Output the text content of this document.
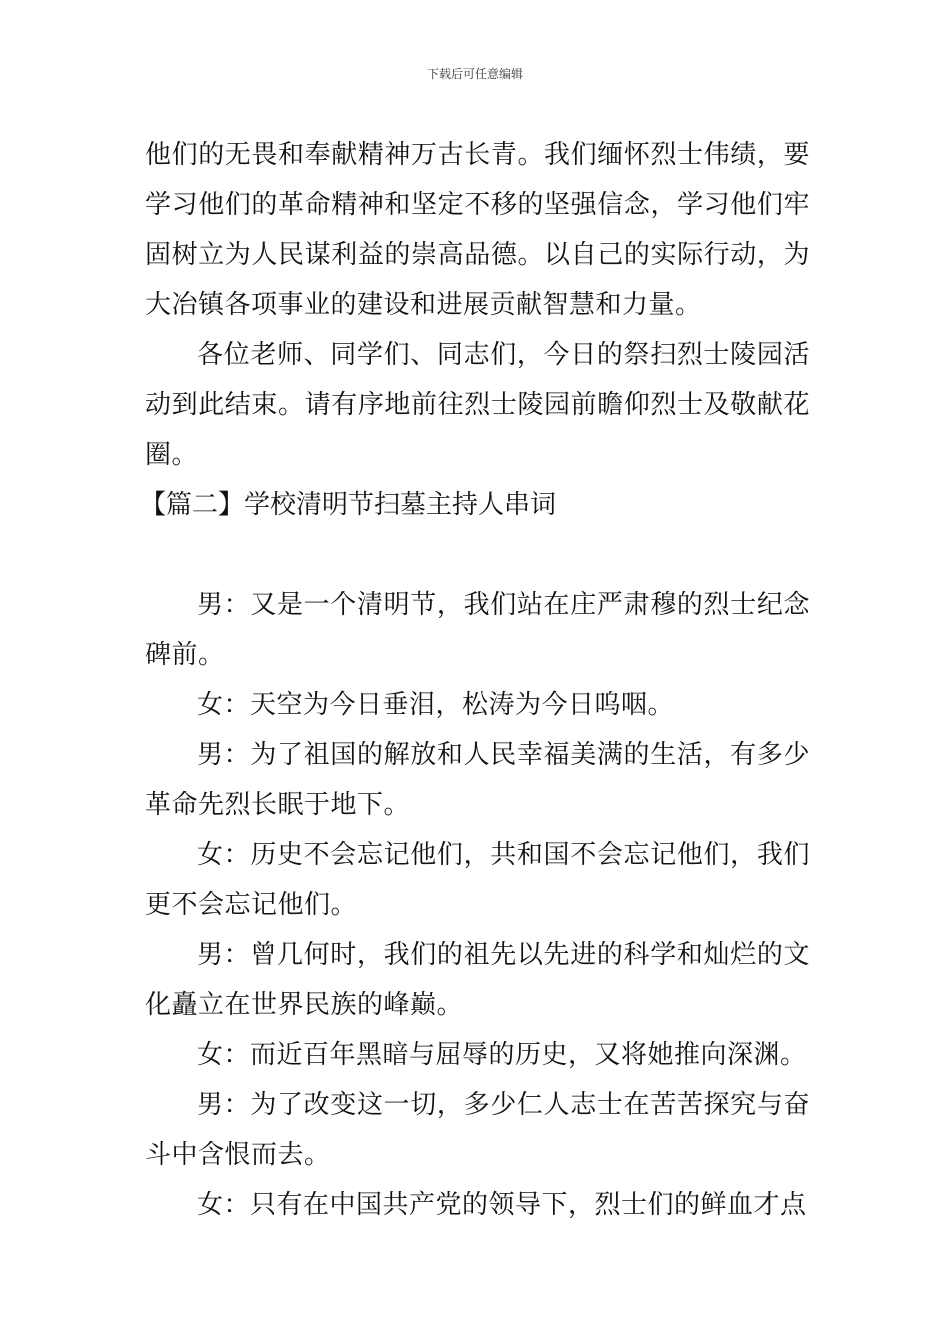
下载后可任意编辑

他们的无畏和奉献精神万古长青。我们缅怀烈士伟绩，要学习他们的革命精神和坚定不移的坚强信念，学习他们牢固树立为人民谋利益的崇高品德。以自己的实际行动，为大冶镇各项事业的建设和进展贡献智慧和力量。

各位老师、同学们、同志们，今日的祭扫烈士陵园活动到此结束。请有序地前往烈士陵园前瞻仰烈士及敬献花圈。

【篇二】学校清明节扫墓主持人串词

男：又是一个清明节，我们站在庄严肃穆的烈士纪念碑前。

女：天空为今日垂泪，松涛为今日呜咽。

男：为了祖国的解放和人民幸福美满的生活，有多少革命先烈长眠于地下。

女：历史不会忘记他们，共和国不会忘记他们，我们更不会忘记他们。

男：曾几何时，我们的祖先以先进的科学和灿烂的文化矗立在世界民族的峰巅。

女：而近百年黑暗与屈辱的历史，又将她推向深渊。

男：为了改变这一切，多少仁人志士在苦苦探究与奋斗中含恨而去。

女：只有在中国共产党的领导下，烈士们的鲜血才点
